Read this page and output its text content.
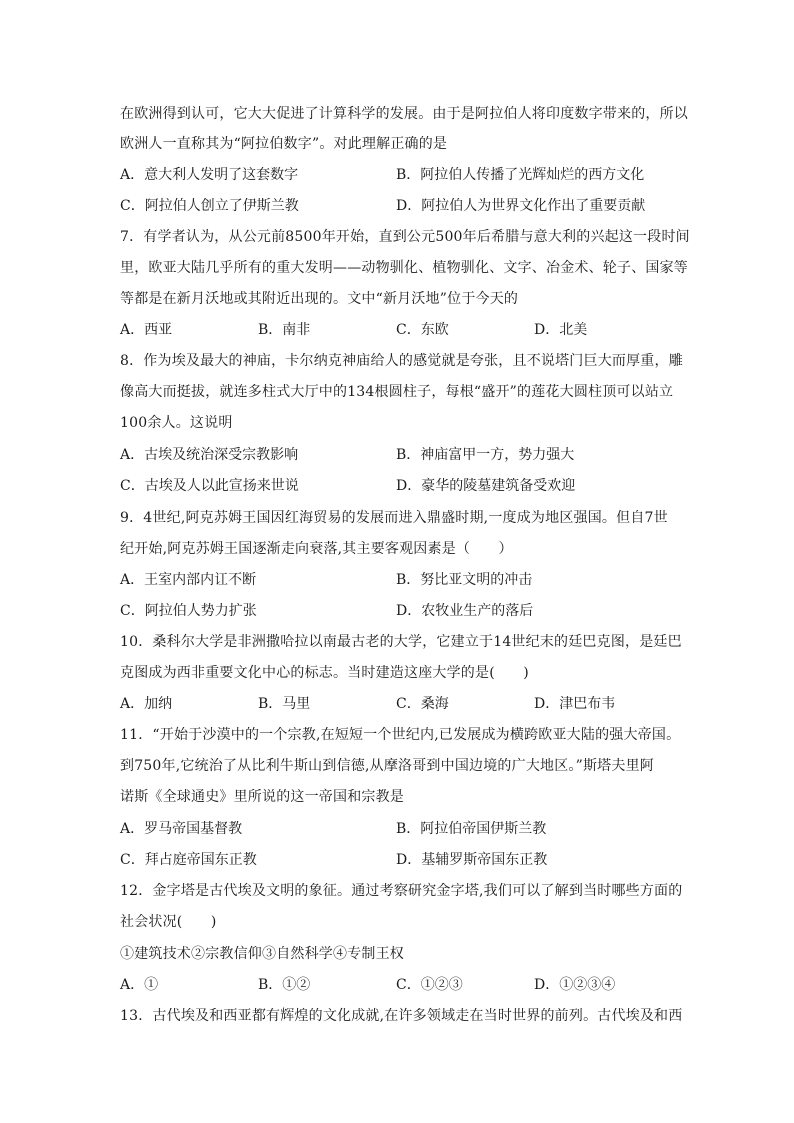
在欧洲得到认可，它大大促进了计算科学的发展。由于是阿拉伯人将印度数字带来的，所以
欧洲人一直称其为“阿拉伯数字”。对此理解正确的是
A．意大利人发明了这套数字	B．阿拉伯人传播了光辉灿烂的西方文化
C．阿拉伯人创立了伊斯兰教	D．阿拉伯人为世界文化作出了重要贡献
7．有学者认为，从公元前8500年开始，直到公元500年后希腊与意大利的兴起这一段时间
里，欧亚大陆几乎所有的重大发明——动物驯化、植物驯化、文字、冶金术、轮子、国家等
等都是在新月沃地或其附近出现的。文中“新月沃地”位于今天的
A．西亚	B．南非	C．东欧	D．北美
8．作为埃及最大的神庙，卡尔纳克神庙给人的感觉就是夸张，且不说塔门巨大而厚重，雕
像高大而挺拔，就连多柱式大厅中的134根圆柱子，每根“盛开”的莲花大圆柱顶可以站立
100余人。这说明
A．古埃及统治深受宗教影响	B．神庙富甲一方，势力强大
C．古埃及人以此宣扬来世说	D．豪华的陵墓建筑备受欢迎
9．4世纪,阿克苏姆王国因红海贸易的发展而进入鼎盛时期,一度成为地区强国。但自7世
纪开始,阿克苏姆王国逐渐走向衰落,其主要客观因素是（　　）
A．王室内部内讧不断	B．努比亚文明的冲击
C．阿拉伯人势力扩张	D．农牧业生产的落后
10．桑科尔大学是非洲撒哈拉以南最古老的大学，它建立于14世纪末的廷巴克图，是廷巴
克图成为西非重要文化中心的标志。当时建造这座大学的是(　　)
A．加纳	B．马里	C．桑海	D．津巴布韦
11．“开始于沙漠中的一个宗教,在短短一个世纪内,已发展成为横跨欧亚大陆的强大帝国。
到750年,它统治了从比利牛斯山到信德,从摩洛哥到中国边境的广大地区。”斯塔夫里阿
诺斯《全球通史》里所说的这一帝国和宗教是
A．罗马帝国基督教	B．阿拉伯帝国伊斯兰教
C．拜占庭帝国东正教	D．基辅罗斯帝国东正教
12．金字塔是古代埃及文明的象征。通过考察研究金字塔,我们可以了解到当时哪些方面的
社会状况(　　)
①建筑技术②宗教信仰③自然科学④专制王权
A．①	B．①②	C．①②③	D．①②③④
13．古代埃及和西亚都有辉煌的文化成就,在许多领域走在当时世界的前列。古代埃及和西
